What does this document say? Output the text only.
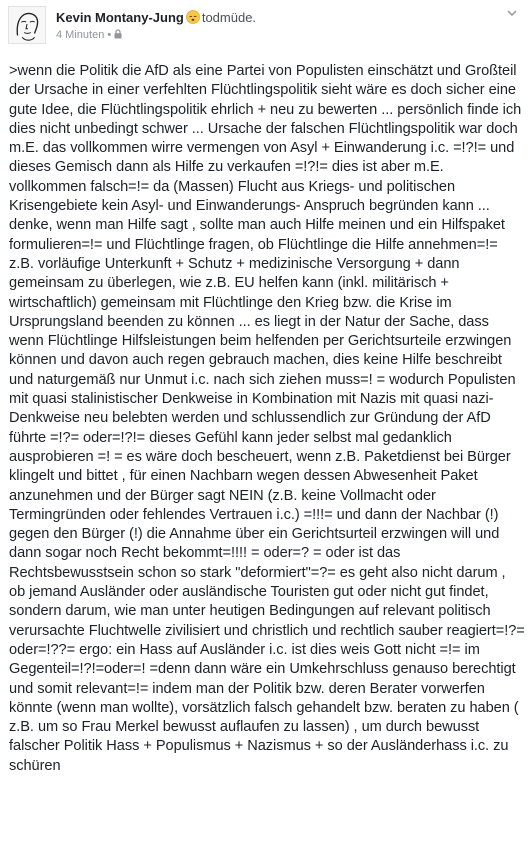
Kevin Montany-Jung todmüde.
4 Minuten •
>wenn die Politik die AfD als eine Partei von Populisten einschätzt und Großteil der Ursache in einer verfehlten Flüchtlingspolitik sieht wäre es doch sicher eine gute Idee, die Flüchtlingspolitik ehrlich + neu zu bewerten ... persönlich finde ich dies nicht unbedingt schwer ... Ursache der falschen Flüchtlingspolitik war doch m.E. das vollkommen wirre vermengen von Asyl + Einwanderung i.c. =!?!= und dieses Gemisch dann als Hilfe zu verkaufen =!?!= dies ist aber m.E. vollkommen falsch=!= da (Massen) Flucht aus Kriegs- und politischen Krisengebiete kein Asyl- und Einwanderungs- Anspruch begründen kann ... denke, wenn man Hilfe sagt , sollte man auch Hilfe meinen und ein Hilfspaket formulieren=!= und Flüchtlinge fragen, ob Flüchtlinge die Hilfe annehmen=!= z.B. vorläufige Unterkunft + Schutz + medizinische Versorgung + dann gemeinsam zu überlegen, wie z.B. EU helfen kann (inkl. militärisch + wirtschaftlich) gemeinsam mit Flüchtlinge den Krieg bzw. die Krise im Ursprungsland beenden zu können ... es liegt in der Natur der Sache, dass wenn Flüchtlinge Hilfsleistungen beim helfenden per Gerichtsurteile erzwingen können und davon auch regen gebrauch machen, dies keine Hilfe beschreibt und naturgemäß nur Unmut i.c. nach sich ziehen muss=! = wodurch Populisten mit quasi stalinistischer Denkweise in Kombination mit Nazis mit quasi nazi- Denkweise neu belebten werden und schlussendlich zur Gründung der AfD führte =!?= oder=!?!= dieses Gefühl kann jeder selbst mal gedanklich ausprobieren =! = es wäre doch bescheuert, wenn z.B. Paketdienst bei Bürger klingelt und bittet , für einen Nachbarn wegen dessen Abwesenheit Paket anzunehmen und der Bürger sagt NEIN (z.B. keine Vollmacht oder Termingründen oder fehlendes Vertrauen i.c.) =!!!= und dann der Nachbar (!) gegen den Bürger (!) die Annahme über ein Gerichtsurteil erzwingen will und dann sogar noch Recht bekommt=!!!! = oder=? = oder ist das Rechtsbewusstsein schon so stark "deformiert"=?= es geht also nicht darum , ob jemand Ausländer oder ausländische Touristen gut oder nicht gut findet, sondern darum, wie man unter heutigen Bedingungen auf relevant politisch verursachte Fluchtwelle zivilisiert und christlich und rechtlich sauber reagiert=!?= oder=!??= ergo: ein Hass auf Ausländer i.c. ist dies weis Gott nicht =!= im Gegenteil=!?!=oder=! =denn dann wäre ein Umkehrschluss genauso berechtigt und somit relevant=!= indem man der Politik bzw. deren Berater vorwerfen könnte (wenn man wollte), vorsätzlich falsch gehandelt bzw. beraten zu haben ( z.B. um so Frau Merkel bewusst auflaufen zu lassen) , um durch bewusst falscher Politik Hass + Populismus + Nazismus + so der Ausländerhass i.c. zu schüren
